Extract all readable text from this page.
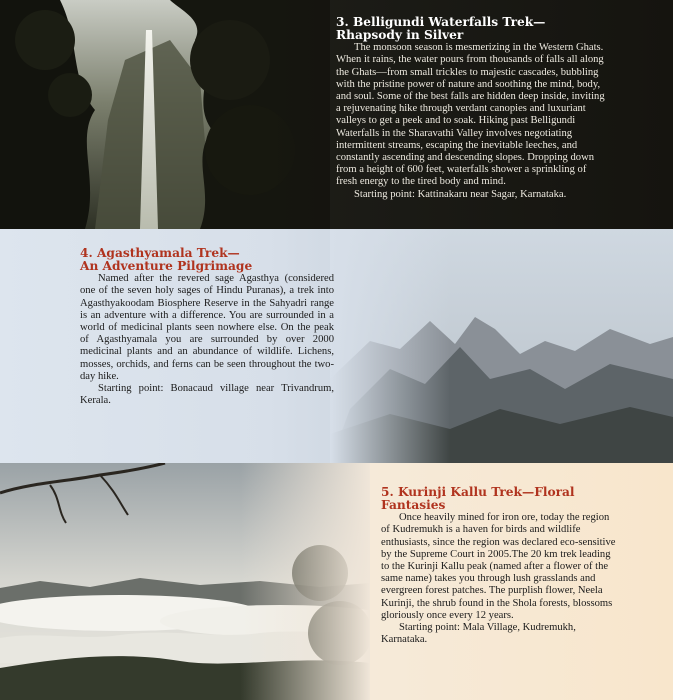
3. Belligundi Waterfalls Trek—
Rhapsody in Silver

The monsoon season is mesmerizing in the Western Ghats. When it rains, the water pours from thousands of falls all along the Ghats—from small trickles to majestic cascades, bubbling with the pristine power of nature and soothing the mind, body, and soul. Some of the best falls are hidden deep inside, inviting a rejuvenating hike through verdant canopies and luxuriant valleys to get a peek and to soak. Hiking past Belligundi Waterfalls in the Sharavathi Valley involves negotiating intermittent streams, escaping the inevitable leeches, and constantly ascending and descending slopes. Dropping down from a height of 600 feet, waterfalls shower a sprinkling of fresh energy to the tired body and mind.

Starting point: Kattinakaru near Sagar, Karnataka.

4. Agasthyamala Trek—
An Adventure Pilgrimage

Named after the revered sage Agasthya (considered one of the seven holy sages of Hindu Puranas), a trek into Agasthyakoodam Biosphere Reserve in the Sahyadri range is an adventure with a difference. You are surrounded in a world of medicinal plants seen nowhere else. On the peak of Agasthyamala you are surrounded by over 2000 medicinal plants and an abundance of wildlife. Lichens, mosses, orchids, and ferns can be seen throughout the two-day hike.

Starting point: Bonacaud village near Trivandrum, Kerala.

5. Kurinji Kallu Trek—Floral
Fantasies

Once heavily mined for iron ore, today the region of Kudremukh is a haven for birds and wildlife enthusiasts, since the region was declared eco-sensitive by the Supreme Court in 2005.The 20 km trek leading to the Kurinji Kallu peak (named after a flower of the same name) takes you through lush grasslands and evergreen forest patches. The purplish flower, Neela Kurinji, the shrub found in the Shola forests, blossoms gloriously once every 12 years.

Starting point: Mala Village, Kudremukh, Karnataka.
